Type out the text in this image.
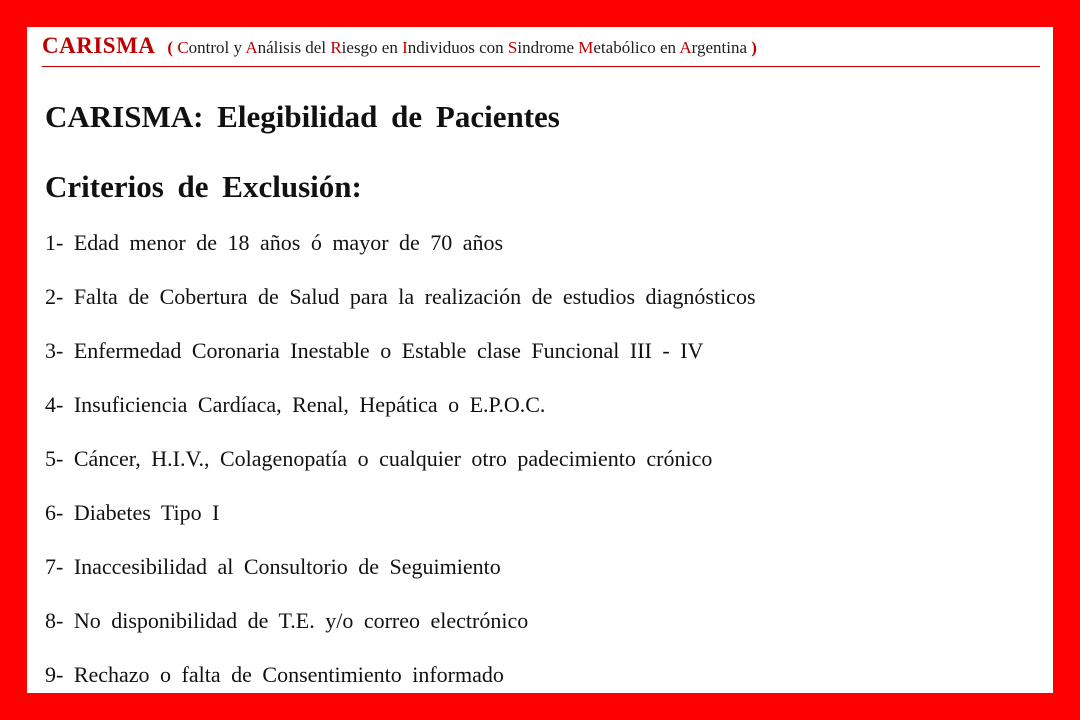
CARISMA ( Control y Análisis del Riesgo en Individuos con Sindrome Metabólico en Argentina )
CARISMA: Elegibilidad de Pacientes
Criterios de Exclusión:
1- Edad menor de 18 años ó mayor de 70 años
2- Falta de Cobertura de Salud para la realización de estudios diagnósticos
3- Enfermedad Coronaria Inestable o Estable clase Funcional III - IV
4- Insuficiencia Cardíaca, Renal, Hepática o E.P.O.C.
5- Cáncer, H.I.V., Colagenopatía o cualquier otro padecimiento crónico
6- Diabetes Tipo I
7- Inaccesibilidad al Consultorio de Seguimiento
8- No disponibilidad de T.E. y/o correo electrónico
9- Rechazo o falta de Consentimiento informado
